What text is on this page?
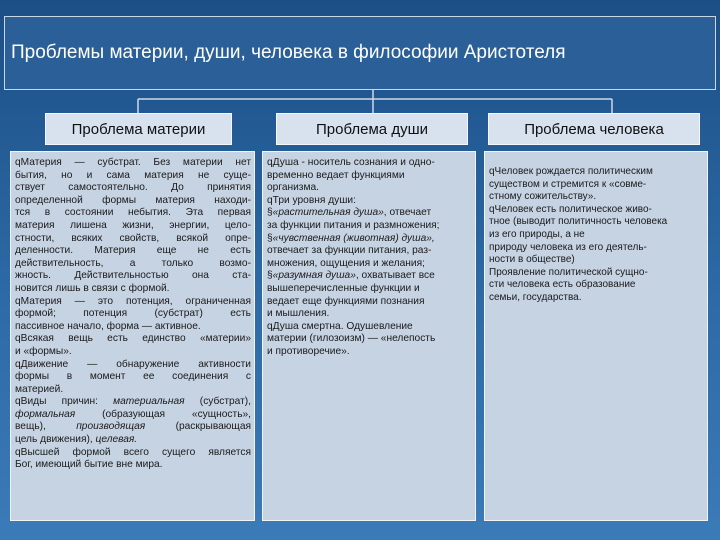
Проблемы материи, души, человека в философии Аристотеля
Проблема материи	Проблема души	Проблема человека

qМатерия — субстрат. Без материи нет

бытия, но и сама материя не суще-

ствует самостоятельно. До принятия

определенной формы материя находи-

тся в состоянии небытия. Эта первая

материя лишена жизни, энергии, цело-

стности, всяких свойств, всякой опре-

деленности. Материя еще не есть

действительность, а только возмо-

жность. Действительностью она ста-

новится лишь в связи с формой.

qМатерия — это потенция, ограниченная

формой; потенция (субстрат) есть

пассивное начало, форма — активное.

qВсякая вещь есть единство «материи»

и «формы».

qДвижение — обнаружение активности

формы в момент ее соединения с

материей.

qВиды причин: материальная (субстрат),

формальная (образующая «сущность»,

вещь), производящая (раскрывающая

цель движения), целевая.

qВысшей формой всего сущего является

Бог, имеющий бытие вне мира.

qДуша - носитель сознания и одно-

временно ведает функциями

организма.

qТри уровня души:

§«растительная душа», отвечает

за функции питания и размножения;

§«чувственная (животная) душа»,

отвечает за функции питания, раз-

множения, ощущения и желания;

§«разумная душа», охватывает все

вышеперечисленные функции и

ведает еще функциями познания

и мышления.

qДуша смертна. Одушевление

материи (гилозоизм) — «нелепость

и противоречие».

qЧеловек рождается политическим

существом и стремится к «совме-

стному сожительству».

qЧеловек есть политическое живо-

тное (выводит политичность человека

из его природы, а не

природу человека из его деятель-

ности в обществе)

Проявление политической сущно-

сти человека есть образование

семьи, государства.
